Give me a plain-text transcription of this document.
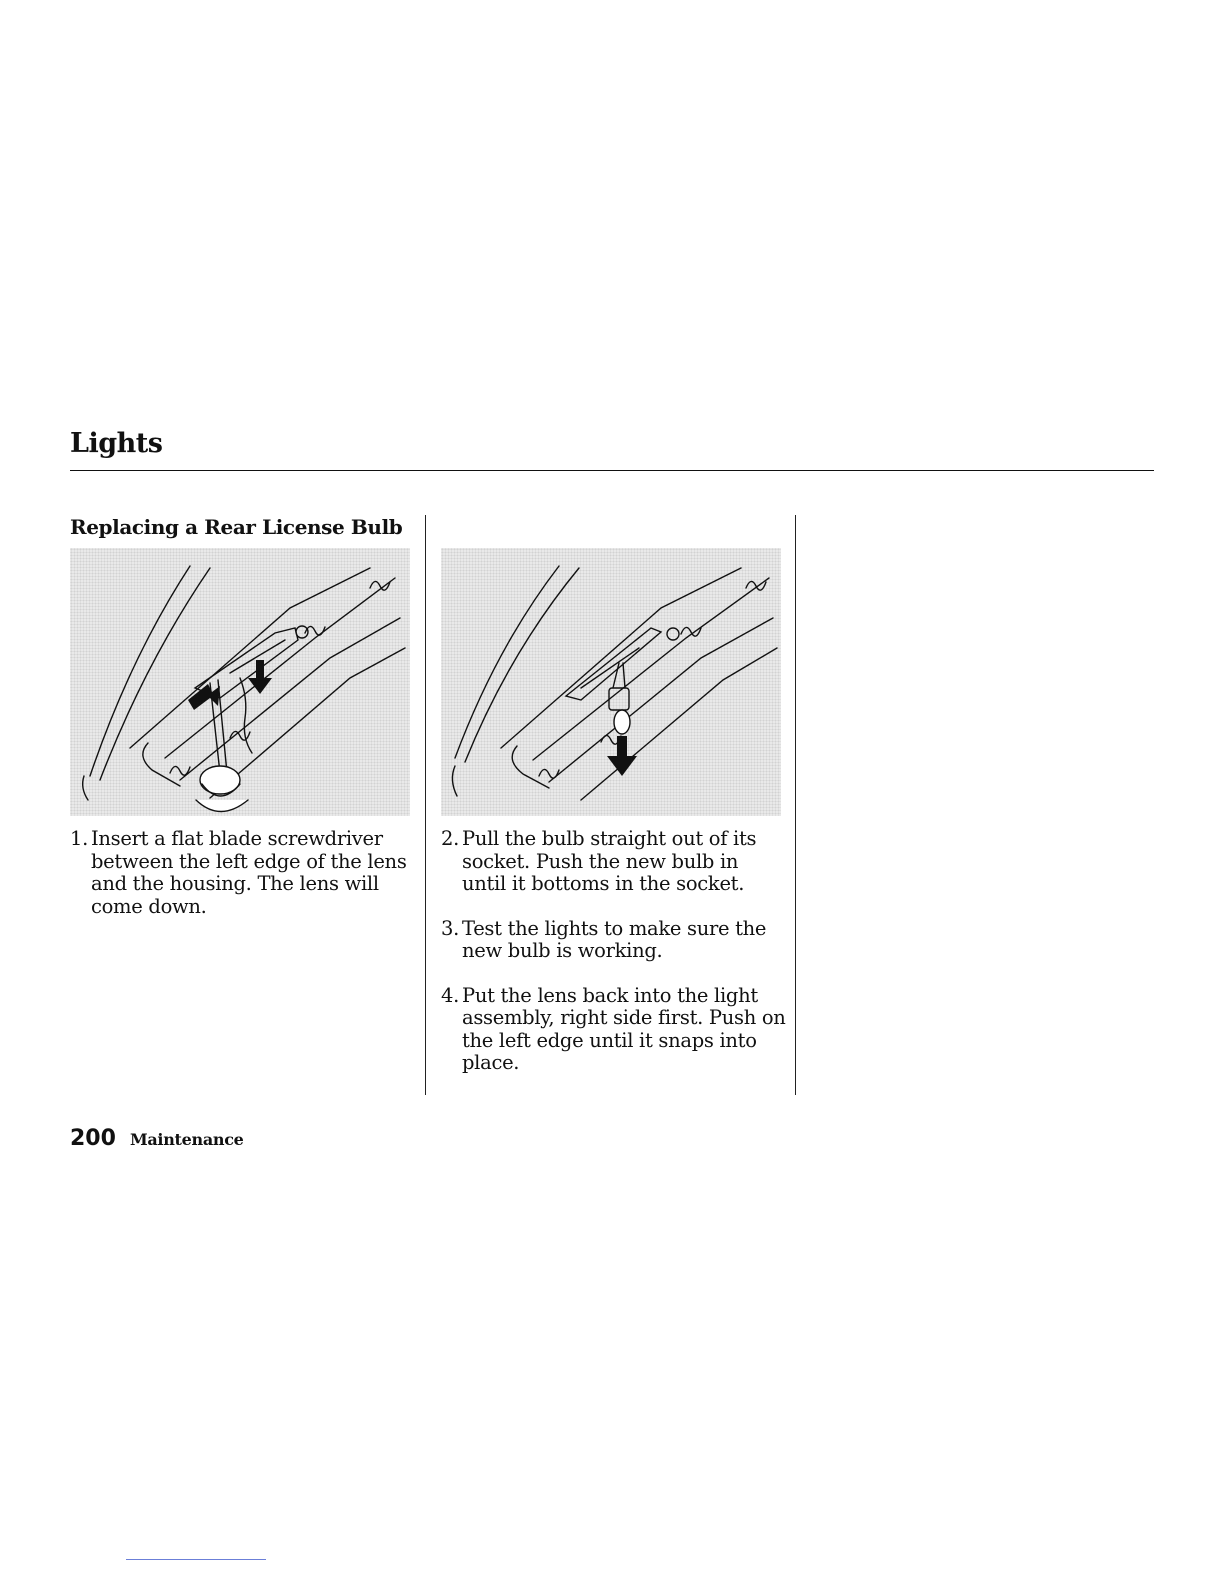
Lights
Replacing a Rear License Bulb
1. Insert a flat blade screwdriver between the left edge of the lens and the housing. The lens will come down.
2. Pull the bulb straight out of its socket. Push the new bulb in until it bottoms in the socket.
3. Test the lights to make sure the new bulb is working.
4. Put the lens back into the light assembly, right side first. Push on the left edge until it snaps into place.
200 Maintenance
